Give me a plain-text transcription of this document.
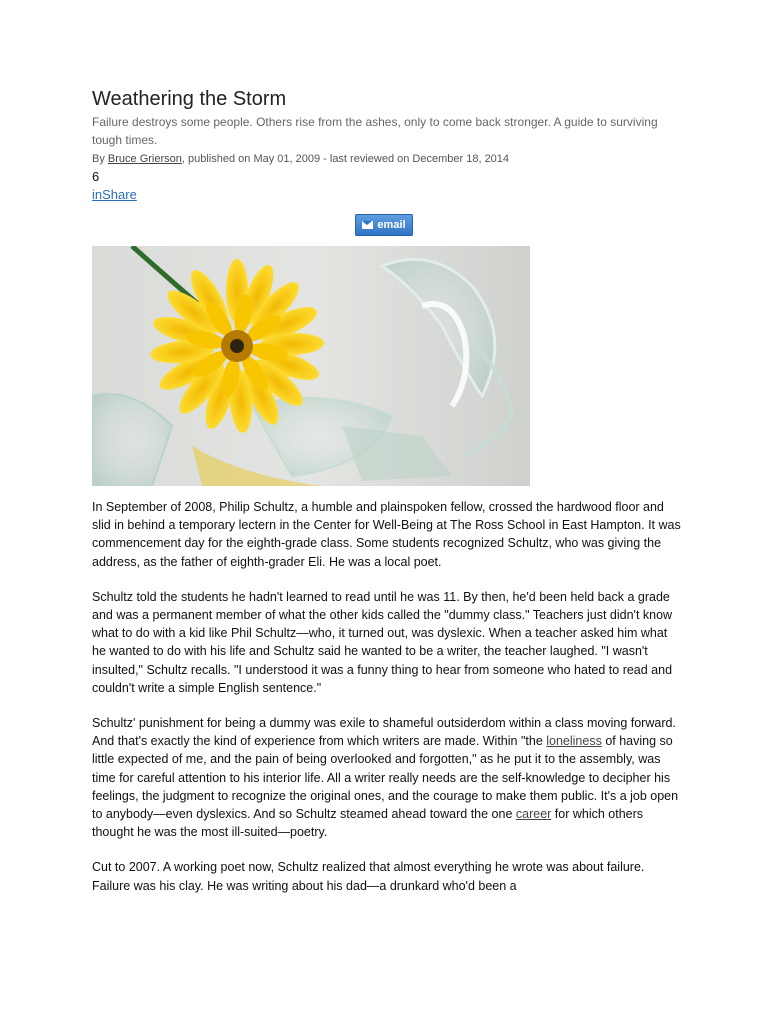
Weathering the Storm
Failure destroys some people. Others rise from the ashes, only to come back stronger. A guide to surviving tough times.
By Bruce Grierson, published on May 01, 2009 - last reviewed on December 18, 2014
6
inShare
email

In September of 2008, Philip Schultz, a humble and plainspoken fellow, crossed the hardwood floor and slid in behind a temporary lectern in the Center for Well-Being at The Ross School in East Hampton. It was commencement day for the eighth-grade class. Some students recognized Schultz, who was giving the address, as the father of eighth-grader Eli. He was a local poet.

Schultz told the students he hadn't learned to read until he was 11. By then, he'd been held back a grade and was a permanent member of what the other kids called the "dummy class." Teachers just didn't know what to do with a kid like Phil Schultz—who, it turned out, was dyslexic. When a teacher asked him what he wanted to do with his life and Schultz said he wanted to be a writer, the teacher laughed. "I wasn't insulted," Schultz recalls. "I understood it was a funny thing to hear from someone who hated to read and couldn't write a simple English sentence."

Schultz' punishment for being a dummy was exile to shameful outsiderdom within a class moving forward. And that's exactly the kind of experience from which writers are made. Within "the loneliness of having so little expected of me, and the pain of being overlooked and forgotten," as he put it to the assembly, was time for careful attention to his interior life. All a writer really needs are the self-knowledge to decipher his feelings, the judgment to recognize the original ones, and the courage to make them public. It's a job open to anybody—even dyslexics. And so Schultz steamed ahead toward the one career for which others thought he was the most ill-suited—poetry.

Cut to 2007. A working poet now, Schultz realized that almost everything he wrote was about failure. Failure was his clay. He was writing about his dad—a drunkard who'd been a
